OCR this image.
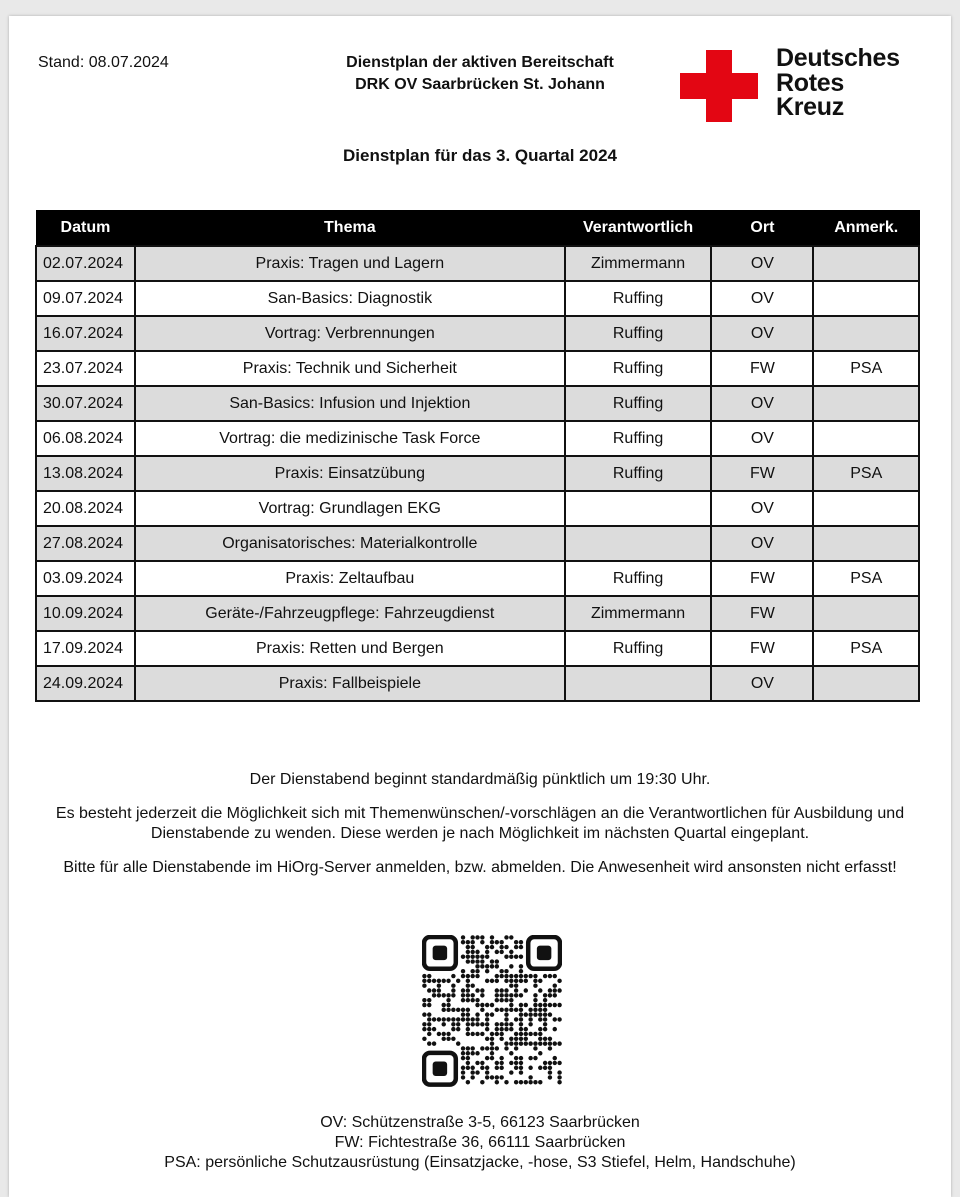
Stand: 08.07.2024	Dienstplan der aktiven Bereitschaft
DRK OV Saarbrücken St. Johann
Deutsches
Rotes
Kreuz
Dienstplan für das 3. Quartal 2024
Datum	Thema	Verantwortlich	Ort	Anmerk.
02.07.2024	Praxis: Tragen und Lagern	Zimmermann	OV	
09.07.2024	San-Basics: Diagnostik	Ruffing	OV	
16.07.2024	Vortrag: Verbrennungen	Ruffing	OV	
23.07.2024	Praxis: Technik und Sicherheit	Ruffing	FW	PSA
30.07.2024	San-Basics: Infusion und Injektion	Ruffing	OV	
06.08.2024	Vortrag: die medizinische Task Force	Ruffing	OV	
13.08.2024	Praxis: Einsatzübung	Ruffing	FW	PSA
20.08.2024	Vortrag: Grundlagen EKG		OV	
27.08.2024	Organisatorisches: Materialkontrolle		OV	
03.09.2024	Praxis: Zeltaufbau	Ruffing	FW	PSA
10.09.2024	Geräte-/Fahrzeugpflege: Fahrzeugdienst	Zimmermann	FW	
17.09.2024	Praxis: Retten und Bergen	Ruffing	FW	PSA
24.09.2024	Praxis: Fallbeispiele		OV	

Der Dienstabend beginnt standardmäßig pünktlich um 19:30 Uhr.

Es besteht jederzeit die Möglichkeit sich mit Themenwünschen/-vorschlägen an die Verantwortlichen für Ausbildung und Dienstabende zu wenden. Diese werden je nach Möglichkeit im nächsten Quartal eingeplant.

Bitte für alle Dienstabende im HiOrg-Server anmelden, bzw. abmelden. Die Anwesenheit wird ansonsten nicht erfasst!

OV: Schützenstraße 3-5, 66123 Saarbrücken
FW: Fichtestraße 36, 66111 Saarbrücken
PSA: persönliche Schutzausrüstung (Einsatzjacke, -hose, S3 Stiefel, Helm, Handschuhe)
